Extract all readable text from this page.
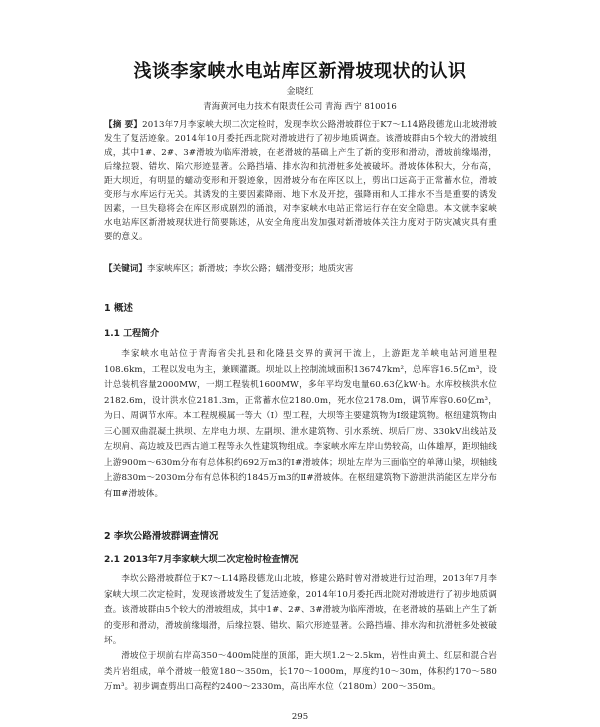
浅谈李家峡水电站库区新滑坡现状的认识
金晓红
青海黄河电力技术有限责任公司 青海 西宁 810016
【摘 要】2013年7月李家峡大坝二次定检时，发现李坎公路滑坡群位于K7～L14路段德龙山北坡滑坡发生了复活迹象。2014年10月委托西北院对滑坡进行了初步地质调查。该滑坡群由5个较大的滑坡组成，其中1#、2#、3#滑坡为临库滑坡，在老滑坡的基础上产生了新的变形和滑动，滑坡前缘塌滑，后缘拉裂、错坎、陷穴形迹显著。公路挡墙、排水沟和抗滑桩多处被破坏。滑坡体体积大，分布高，距大坝近，有明显的蠕动变形和开裂迹象，因滑坡分布在库区以上，剪出口远高于正常蓄水位，滑坡变形与水库运行无关。其诱发的主要因素降雨、地下水及开挖，强降雨和人工排水不当是重要的诱发因素，一旦失稳将会在库区形成剧烈的涌浪，对李家峡水电站正常运行存在安全隐患。本文就李家峡水电站库区新滑坡现状进行简要陈述，从安全角度出发加强对新滑坡体关注力度对于防灾减灾具有重要的意义。
【关键词】李家峡库区；新滑坡；李坎公路；蠕滑变形；地质灾害
1 概述
1.1 工程简介
李家峡水电站位于青海省尖扎县和化隆县交界的黄河干流上，上游距龙羊峡电站河道里程108.6km，工程以发电为主，兼顾灌溉。坝址以上控制流域面积136747km²，总库容16.5亿m³，设计总装机容量2000MW，一期工程装机1600MW，多年平均发电量60.63亿kW·h。水库校核洪水位2182.6m，设计洪水位2181.3m，正常蓄水位2180.0m，死水位2178.0m，调节库容0.60亿m³，为日、周调节水库。本工程规模属一等大（Ⅰ）型工程，大坝等主要建筑物为Ⅰ级建筑物。枢纽建筑物由三心圆双曲混凝土拱坝、左岸电力坝、左副坝、泄水建筑物、引水系统、坝后厂房、330kV出线站及左坝肩、高边坡及巴西古道工程等永久性建筑物组成。李家峡水库左岸山势较高，山体雄厚，距坝轴线上游900m～630m分布有总体积约692万m3的Ⅰ#滑坡体；坝址左岸为三面临空的单薄山梁，坝轴线上游830m～2030m分布有总体积约1845万m3的Ⅱ#滑坡体。在枢纽建筑物下游泄洪消能区左岸分布有Ⅲ#滑坡体。
2 李坎公路滑坡群调查情况
2.1 2013年7月李家峡大坝二次定检时检查情况
李坎公路滑坡群位于K7～L14路段德龙山北坡，修建公路时曾对滑坡进行过治理，2013年7月李家峡大坝二次定检时，发现该滑坡发生了复活迹象，2014年10月委托西北院对滑坡进行了初步地质调查。该滑坡群由5个较大的滑坡组成，其中1#、2#、3#滑坡为临库滑坡，在老滑坡的基础上产生了新的变形和滑动，滑坡前缘塌滑，后缘拉裂、错坎、陷穴形迹显著。公路挡墙、排水沟和抗滑桩多处被破坏。
滑坡位于坝前右岸高350～400m陡崖的顶部，距大坝1.2～2.5km，岩性由黄土、红层和混合岩类片岩组成，单个滑坡一般宽180～350m，长170～1000m，厚度约10～30m，体积约170～580万m³。初步调查剪出口高程约2400～2330m，高出库水位（2180m）200～350m。
295
